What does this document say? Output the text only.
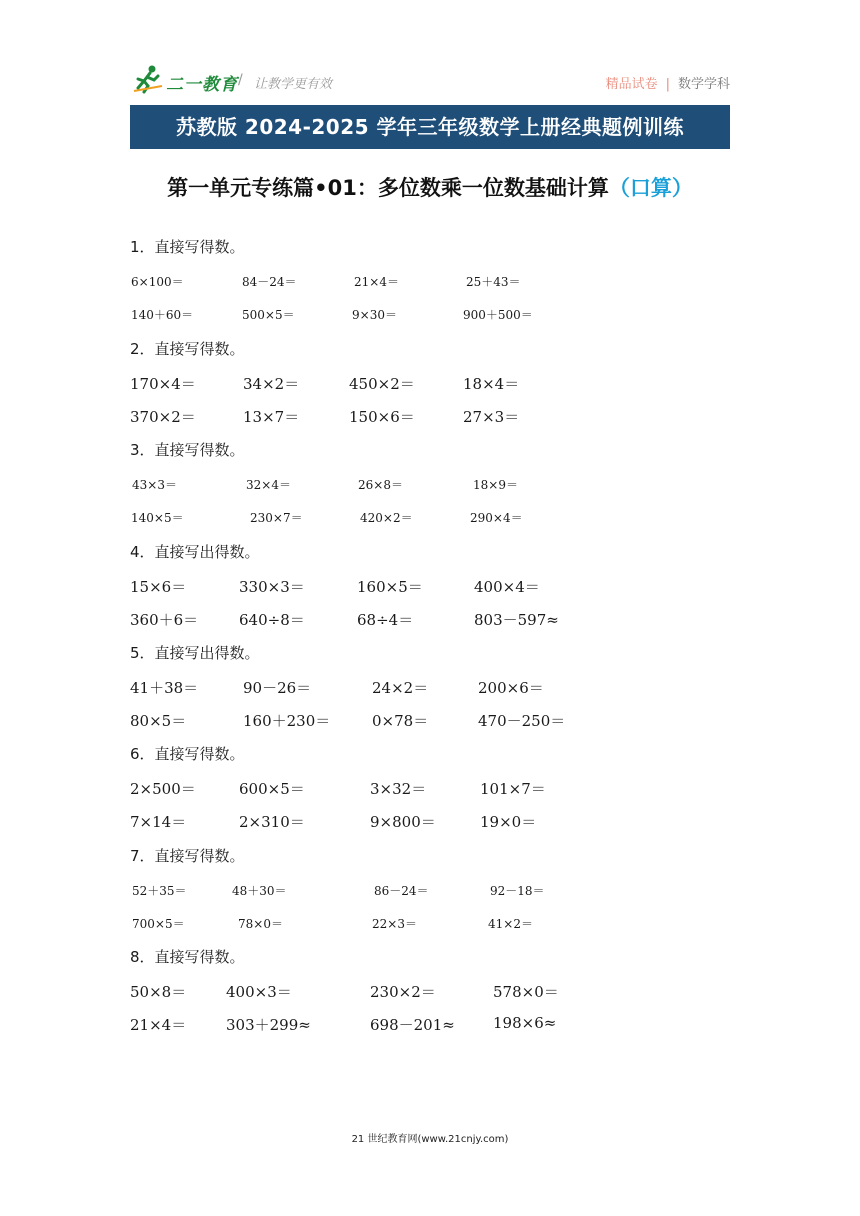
二一教育 / 让教学更有效	精品试卷 | 数学学科
苏教版 2024-2025 学年三年级数学上册经典题例训练
第一单元专练篇•01：多位数乘一位数基础计算（口算）
1．直接写得数。
6×100＝	84－24＝	21×4＝	25＋43＝
140＋60＝	500×5＝	9×30＝	900＋500＝
2．直接写得数。
170×4＝	34×2＝	450×2＝	18×4＝
370×2＝	13×7＝	150×6＝	27×3＝
3．直接写得数。
43×3＝	32×4＝	26×8＝	18×9＝
140×5＝	230×7＝	420×2＝	290×4＝
4．直接写出得数。
15×6＝	330×3＝	160×5＝	400×4＝
360＋6＝	640÷8＝	68÷4＝	803－597≈
5．直接写出得数。
41＋38＝	90－26＝	24×2＝	200×6＝
80×5＝	160＋230＝	0×78＝	470－250＝
6．直接写得数。
2×500＝	600×5＝	3×32＝	101×7＝
7×14＝	2×310＝	9×800＝	19×0＝
7．直接写得数。
52＋35＝	48＋30＝	86－24＝	92－18＝
700×5＝	78×0＝	22×3＝	41×2＝
8．直接写得数。
50×8＝	400×3＝	230×2＝	578×0＝
21×4＝	303＋299≈	698－201≈	198×6≈
21 世纪教育网(www.21cnjy.com)
